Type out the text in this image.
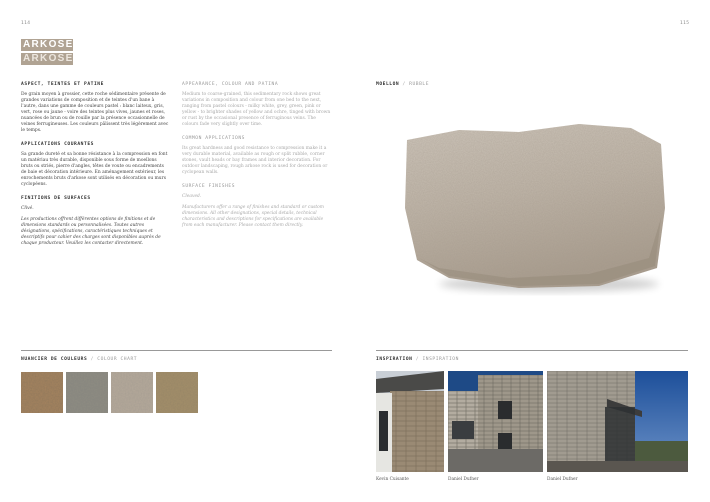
114	115
ARKOSE
ARKOSE
ASPECT, TEINTES ET PATINE

De grain moyen à grossier, cette roche sédimentaire présente de grandes variations de composition et de teintes d'un bane à l'autre, dans une gamme de couleurs pastel : blanc laiteux, gris, vert, rose ou jaune - voire des teintes plus vives, jaunes et roses, nuancées de brun ou de rouille par la présence occasionnelle de veines ferrugineuses. Les couleurs pâlissent très légèrement avec le temps.

APPLICATIONS COURANTES

Sa grande dureté et sa bonne résistance à la compression en font un matériau très durable, disponible sous forme de moellons bruts ou striés, pierre d'angles, têtes de voute ou encadrements de baie et décoration intérieure. En aménagement extérieur, les enrochements bruts d'arkose sont utilisés en décoration ou murs cyclopéens.

FINITIONS DE SURFACES

Clivé.

Les productions offrent différentes options de finitions et de dimensions standards ou personnalisées. Toutes autres désignations, spécifications, caractéristiques techniques et descriptifs pour cahier des charges sont disponibles auprès de chaque producteur. Veuillez les contacter directement.

APPEARANCE, COLOUR AND PATINA

Medium to coarse-grained, this sedimentary rock shows great variations in composition and colour from one bed to the next, ranging from pastel colours - milky white, grey, green, pink or yellow - to brighter shades of yellow and ochre, tinged with brown or rust by the occasional presence of ferruginous veins. The colours fade very slightly over time.

COMMON APPLICATIONS

Its great hardness and good resistance to compression make it a very durable material, available as rough or split rubble, corner stones, vault heads or bay frames and interior decoration. For outdoor landscaping, rough arkose rock is used for decoration or cyclopean walls.

SURFACE FINISHES

Cleaved.

Manufacturers offer a range of finishes and standard or custom dimensions. All other designations, special details, technical characteristics and descriptions for specifications are available from each manufacturer. Please contact them directly.

MOELLON / RUBBLE
NUANCIER DE COULEURS / COLOUR CHART	INSPIRATION / INSPIRATION
Kevin Cuisante	Daniel Dufner	Daniel Dufner
